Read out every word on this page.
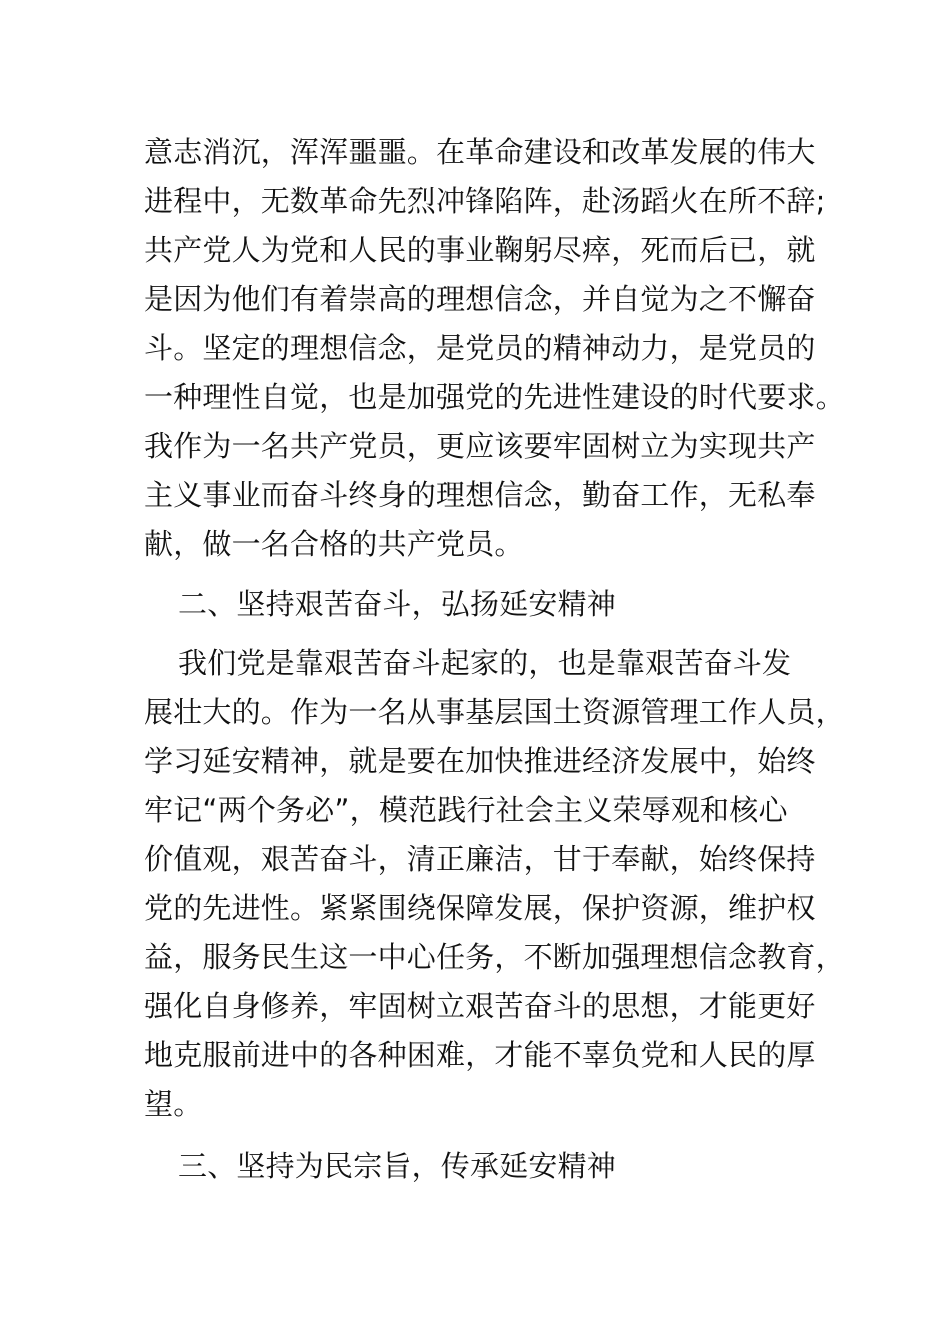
意志消沉，浑浑噩噩。在革命建设和改革发展的伟大
进程中，无数革命先烈冲锋陷阵，赴汤蹈火在所不辞;
共产党人为党和人民的事业鞠躬尽瘁，死而后已，就
是因为他们有着崇高的理想信念，并自觉为之不懈奋
斗。坚定的理想信念，是党员的精神动力，是党员的
一种理性自觉，也是加强党的先进性建设的时代要求。
我作为一名共产党员，更应该要牢固树立为实现共产
主义事业而奋斗终身的理想信念，勤奋工作，无私奉
献，做一名合格的共产党员。
二、坚持艰苦奋斗，弘扬延安精神
我们党是靠艰苦奋斗起家的，也是靠艰苦奋斗发
展壮大的。作为一名从事基层国土资源管理工作人员，
学习延安精神，就是要在加快推进经济发展中，始终
牢记“两个务必”，模范践行社会主义荣辱观和核心
价值观，艰苦奋斗，清正廉洁，甘于奉献，始终保持
党的先进性。紧紧围绕保障发展，保护资源，维护权
益，服务民生这一中心任务，不断加强理想信念教育，
强化自身修养，牢固树立艰苦奋斗的思想，才能更好
地克服前进中的各种困难，才能不辜负党和人民的厚
望。
三、坚持为民宗旨，传承延安精神
